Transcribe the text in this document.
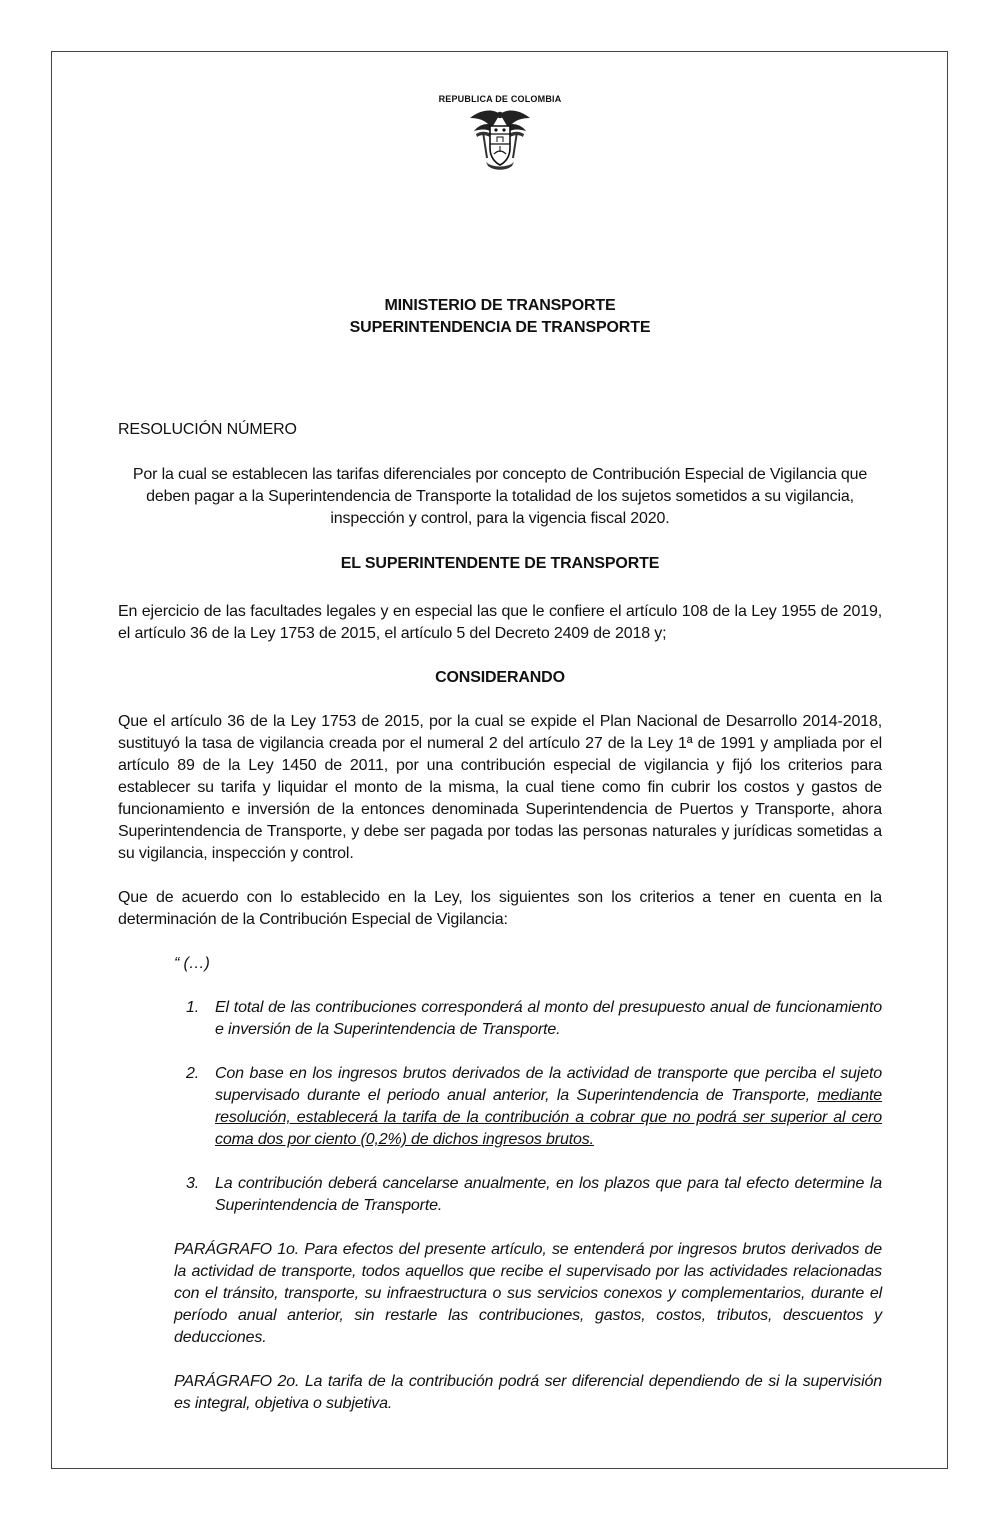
REPUBLICA DE COLOMBIA

MINISTERIO DE TRANSPORTE

SUPERINTENDENCIA DE TRANSPORTE

RESOLUCIÓN NÚMERO

Por la cual se establecen las tarifas diferenciales por concepto de Contribución Especial de Vigilancia que deben pagar a la Superintendencia de Transporte la totalidad de los sujetos sometidos a su vigilancia, inspección y control, para la vigencia fiscal 2020.

EL SUPERINTENDENTE DE TRANSPORTE

En ejercicio de las facultades legales y en especial las que le confiere el artículo 108 de la Ley 1955 de 2019, el artículo 36 de la Ley 1753 de 2015, el artículo 5 del Decreto 2409 de 2018 y;

CONSIDERANDO

Que el artículo 36 de la Ley 1753 de 2015, por la cual se expide el Plan Nacional de Desarrollo 2014-2018, sustituyó la tasa de vigilancia creada por el numeral 2 del artículo 27 de la Ley 1ª de 1991 y ampliada por el artículo 89 de la Ley 1450 de 2011, por una contribución especial de vigilancia y fijó los criterios para establecer su tarifa y liquidar el monto de la misma, la cual tiene como fin cubrir los costos y gastos de funcionamiento e inversión de la entonces denominada Superintendencia de Puertos y Transporte, ahora Superintendencia de Transporte, y debe ser pagada por todas las personas naturales y jurídicas sometidas a su vigilancia, inspección y control.

Que de acuerdo con lo establecido en la Ley, los siguientes son los criterios a tener en cuenta en la determinación de la Contribución Especial de Vigilancia:

“ (…)

1. El total de las contribuciones corresponderá al monto del presupuesto anual de funcionamiento e inversión de la Superintendencia de Transporte.
2. Con base en los ingresos brutos derivados de la actividad de transporte que perciba el sujeto supervisado durante el periodo anual anterior, la Superintendencia de Transporte, mediante resolución, establecerá la tarifa de la contribución a cobrar que no podrá ser superior al cero coma dos por ciento (0,2%) de dichos ingresos brutos.
3. La contribución deberá cancelarse anualmente, en los plazos que para tal efecto determine la Superintendencia de Transporte.

PARÁGRAFO 1o. Para efectos del presente artículo, se entenderá por ingresos brutos derivados de la actividad de transporte, todos aquellos que recibe el supervisado por las actividades relacionadas con el tránsito, transporte, su infraestructura o sus servicios conexos y complementarios, durante el período anual anterior, sin restarle las contribuciones, gastos, costos, tributos, descuentos y deducciones.

PARÁGRAFO 2o. La tarifa de la contribución podrá ser diferencial dependiendo de si la supervisión es integral, objetiva o subjetiva.
